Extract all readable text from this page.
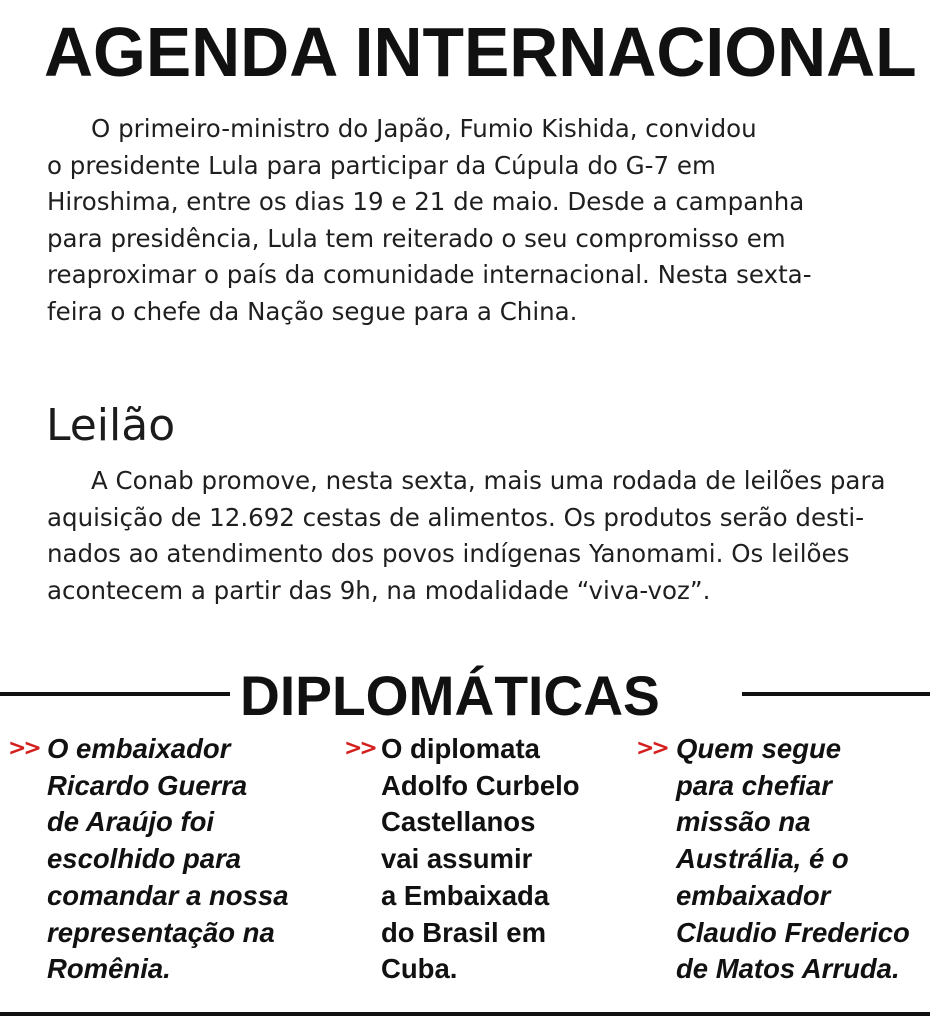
AGENDA INTERNACIONAL

O primeiro-ministro do Japão, Fumio Kishida, convidou
o presidente Lula para participar da Cúpula do G-7 em
Hiroshima, entre os dias 19 e 21 de maio. Desde a campanha
para presidência, Lula tem reiterado o seu compromisso em
reaproximar o país da comunidade internacional. Nesta sexta-
feira o chefe da Nação segue para a China.

Leilão

A Conab promove, nesta sexta, mais uma rodada de leilões para
aquisição de 12.692 cestas de alimentos. Os produtos serão desti-
nados ao atendimento dos povos indígenas Yanomami. Os leilões
acontecem a partir das 9h, na modalidade “viva-voz”.

DIPLOMÁTICAS
>> O embaixador
Ricardo Guerra
de Araújo foi
escolhido para
comandar a nossa
representação na
Romênia.
>> O diplomata
Adolfo Curbelo
Castellanos
vai assumir
a Embaixada
do Brasil em
Cuba.
>> Quem segue
para chefiar
missão na
Austrália, é o
embaixador
Claudio Frederico
de Matos Arruda.
